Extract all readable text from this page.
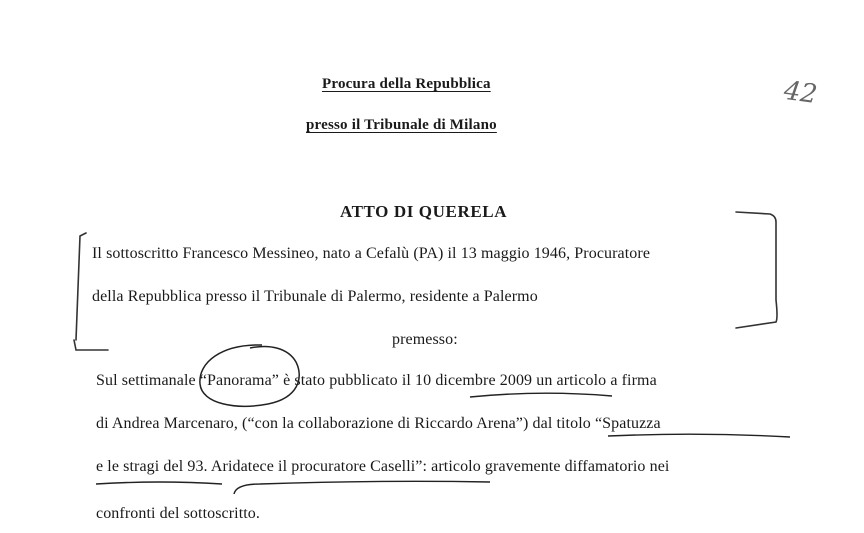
Procura della Repubblica
presso il Tribunale di Milano
42
ATTO DI QUERELA
Il sottoscritto Francesco Messineo, nato a Cefalù (PA) il 13 maggio 1946, Procuratore
della Repubblica presso il Tribunale di Palermo, residente a Palermo
premesso:
Sul settimanale “Panorama” è stato pubblicato il 10 dicembre 2009 un articolo a firma
di Andrea Marcenaro, (“con la collaborazione di Riccardo Arena”) dal titolo “Spatuzza
e le stragi del 93. Aridatece il procuratore Caselli”: articolo gravemente diffamatorio nei
confronti del sottoscritto.
